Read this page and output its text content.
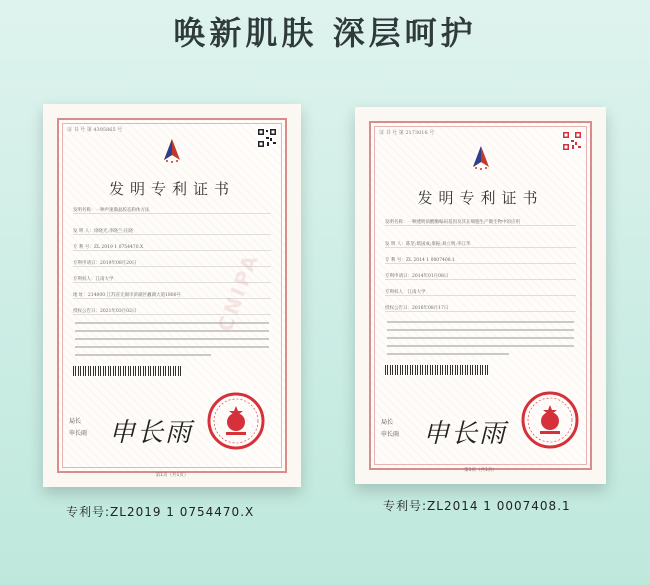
唤新肌肤 深层呵护
证 书 号 第 4395865 号
发明专利证书
发明名称：一种声速微晶胶态粉体方法
发 明 人：徐晓光;李晓兰;汪晓
专 利 号：ZL 2019 1 0754470.X
专利申请日：2019年08月20日
专利权人：江南大学
地 址：214000 江苏省无锡市滨湖区蠡湖大道1800号
授权公告日：2021年03月02日	CNIPA
局长
申长雨 申长雨
第1页（共1页）
证 书 号 第 2173016 号
发明专利证书
发明名称：一种透明质酸酶编码基因及其在细胞生产微生物中的应用
发 明 人：陈坚;堵国成;康振;刘立明;李江华
专 利 号：ZL 2014 1 0007408.1
专利申请日：2014年01月08日
专利权人：江南大学
授权公告日：2016年08月17日
局长
申长雨 申长雨
第1页（共1页）
专利号:ZL2019 1 0754470.X	专利号:ZL2014 1 0007408.1
